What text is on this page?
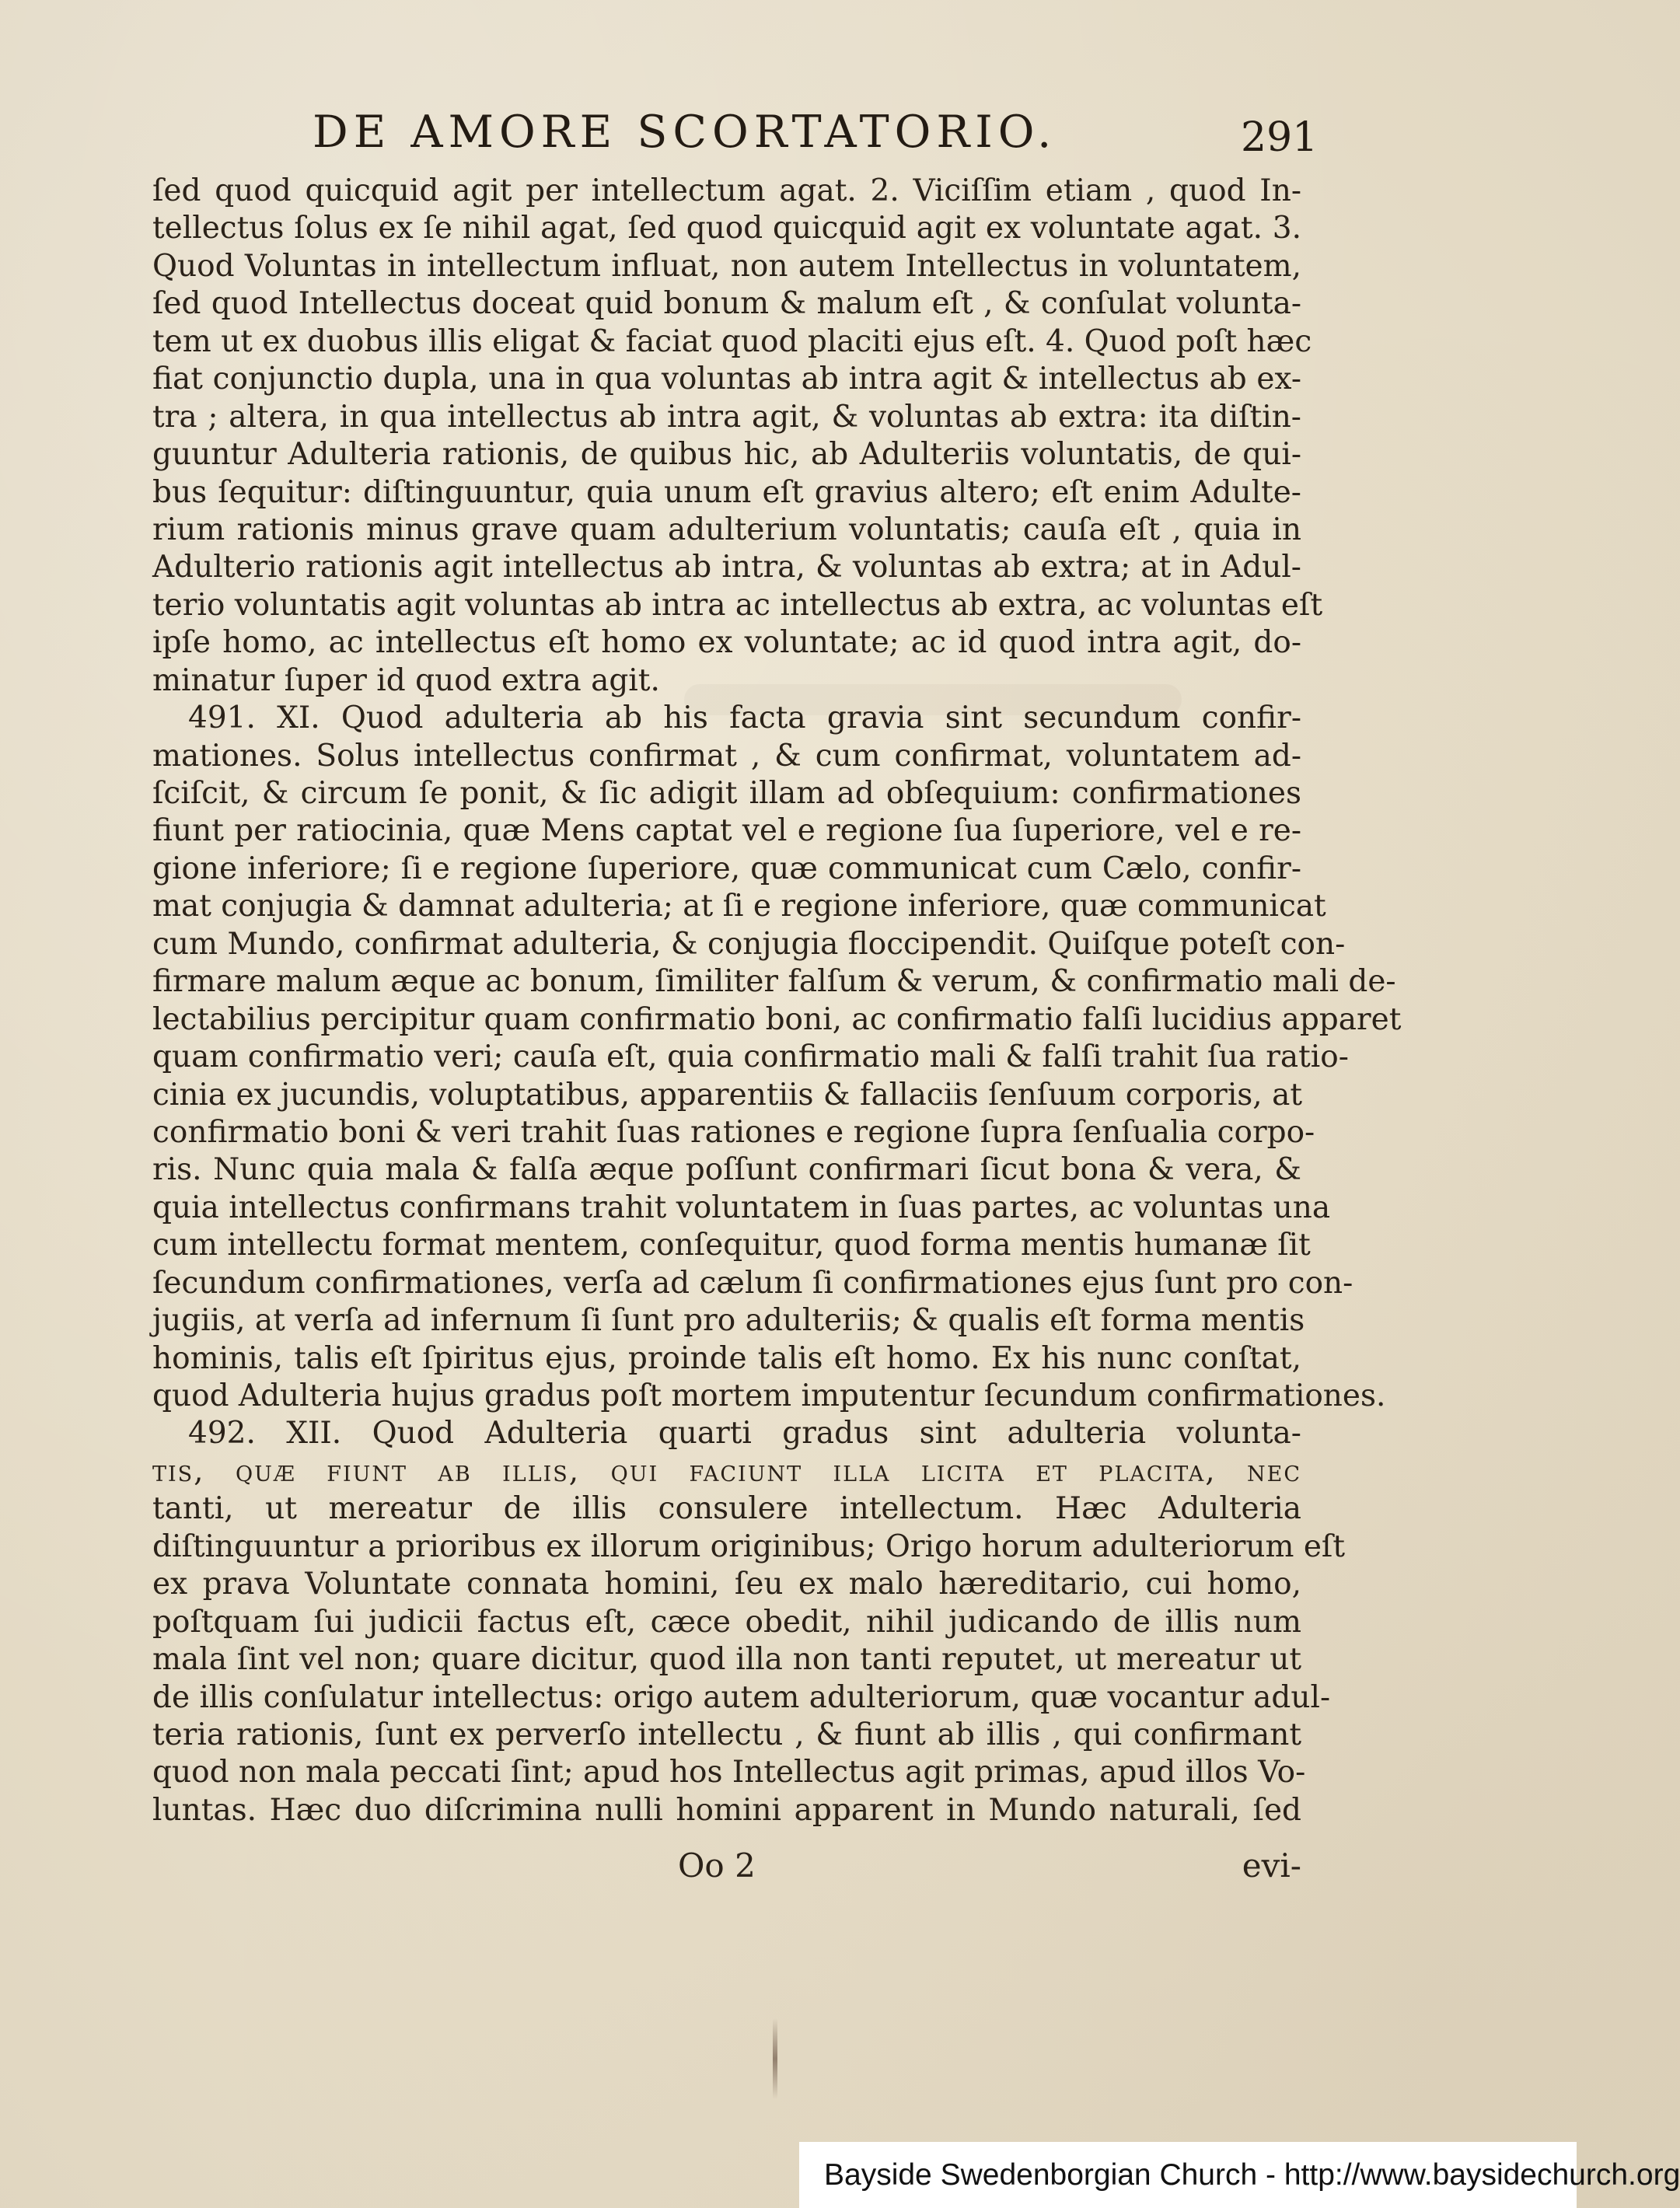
DE AMORE SCORTATORIO.	291
ſed quod quicquid agit per intellectum agat. 2. Viciſſim etiam , quod In-
tellectus ſolus ex ſe nihil agat, ſed quod quicquid agit ex voluntate agat. 3.
Quod Voluntas in intellectum influat, non autem Intellectus in voluntatem,
ſed quod Intellectus doceat quid bonum & malum eſt , & conſulat volunta-
tem ut ex duobus illis eligat & faciat quod placiti ejus eſt. 4. Quod poſt hæc
fiat conjunctio dupla, una in qua voluntas ab intra agit & intellectus ab ex-
tra ; altera, in qua intellectus ab intra agit, & voluntas ab extra: ita diſtin-
guuntur Adulteria rationis, de quibus hic, ab Adulteriis voluntatis, de qui-
bus ſequitur: diſtinguuntur, quia unum eſt gravius altero; eſt enim Adulte-
rium rationis minus grave quam adulterium voluntatis; cauſa eſt , quia in
Adulterio rationis agit intellectus ab intra, & voluntas ab extra; at in Adul-
terio voluntatis agit voluntas ab intra ac intellectus ab extra, ac voluntas eſt
ipſe homo, ac intellectus eſt homo ex voluntate; ac id quod intra agit, do-
minatur ſuper id quod extra agit.
491. XI. Quod adulteria ab his facta gravia sint secundum confir-
mationes. Solus intellectus confirmat , & cum confirmat, voluntatem ad-
ſciſcit, & circum ſe ponit, & ſic adigit illam ad obſequium: confirmationes
fiunt per ratiocinia, quæ Mens captat vel e regione ſua ſuperiore, vel e re-
gione inferiore; ſi e regione ſuperiore, quæ communicat cum Cælo, confir-
mat conjugia & damnat adulteria; at ſi e regione inferiore, quæ communicat
cum Mundo, confirmat adulteria, & conjugia floccipendit. Quiſque poteſt con-
firmare malum æque ac bonum, ſimiliter falſum & verum, & confirmatio mali de-
lectabilius percipitur quam confirmatio boni, ac confirmatio falſi lucidius apparet
quam confirmatio veri; cauſa eſt, quia confirmatio mali & falſi trahit ſua ratio-
cinia ex jucundis, voluptatibus, apparentiis & fallaciis ſenſuum corporis, at
confirmatio boni & veri trahit ſuas rationes e regione ſupra ſenſualia corpo-
ris. Nunc quia mala & falſa æque poſſunt confirmari ſicut bona & vera, &
quia intellectus confirmans trahit voluntatem in ſuas partes, ac voluntas una
cum intellectu format mentem, conſequitur, quod forma mentis humanæ ſit
ſecundum confirmationes, verſa ad cælum ſi confirmationes ejus ſunt pro con-
jugiis, at verſa ad infernum ſi ſunt pro adulteriis; & qualis eſt forma mentis
hominis, talis eſt ſpiritus ejus, proinde talis eſt homo. Ex his nunc conſtat,
quod Adulteria hujus gradus poſt mortem imputentur ſecundum confirmationes.
492. XII. Quod Adulteria quarti gradus sint adulteria volunta-
tis, quæ fiunt ab illis, qui faciunt illa licita et placita, nec
tanti, ut mereatur de illis consulere intellectum. Hæc Adulteria
diſtinguuntur a prioribus ex illorum originibus; Origo horum adulteriorum eſt
ex prava Voluntate connata homini, ſeu ex malo hæreditario, cui homo,
poſtquam ſui judicii factus eſt, cæce obedit, nihil judicando de illis num
mala ſint vel non; quare dicitur, quod illa non tanti reputet, ut mereatur ut
de illis conſulatur intellectus: origo autem adulteriorum, quæ vocantur adul-
teria rationis, ſunt ex perverſo intellectu , & fiunt ab illis , qui confirmant
quod non mala peccati ſint; apud hos Intellectus agit primas, apud illos Vo-
luntas. Hæc duo diſcrimina nulli homini apparent in Mundo naturali, ſed
Oo 2	evi-
Bayside Swedenborgian Church - http://www.baysidechurch.org
